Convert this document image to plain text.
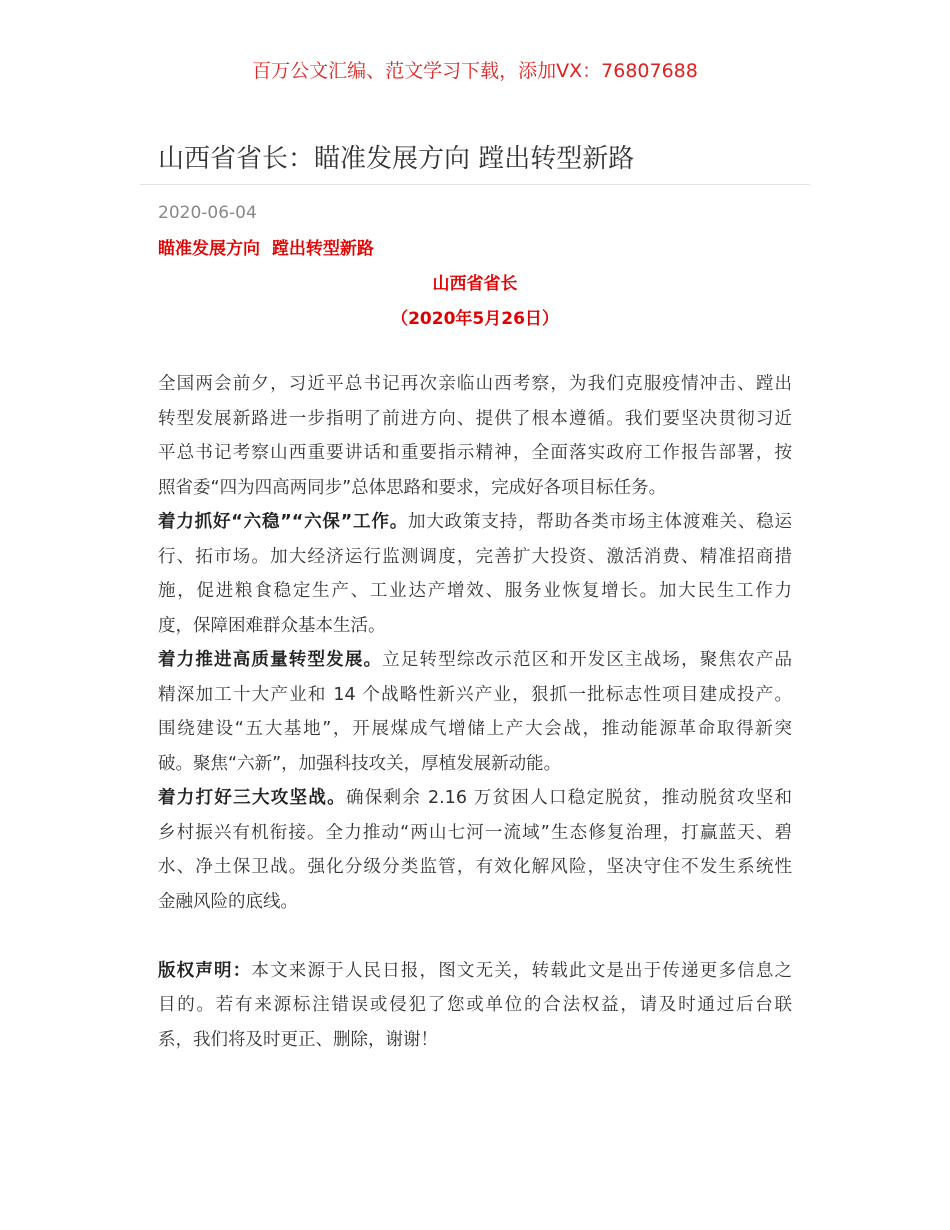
百万公文汇编、范文学习下载，添加VX：76807688
山西省省长：瞄准发展方向 蹚出转型新路
2020-06-04
瞄准发展方向  蹚出转型新路
山西省省长
（2020年5月26日）
全国两会前夕，习近平总书记再次亲临山西考察，为我们克服疫情冲击、蹚出
转型发展新路进一步指明了前进方向、提供了根本遵循。我们要坚决贯彻习近
平总书记考察山西重要讲话和重要指示精神，全面落实政府工作报告部署，按
照省委“四为四高两同步”总体思路和要求，完成好各项目标任务。
着力抓好“六稳”“六保”工作。加大政策支持，帮助各类市场主体渡难关、稳运
行、拓市场。加大经济运行监测调度，完善扩大投资、激活消费、精准招商措
施，促进粮食稳定生产、工业达产增效、服务业恢复增长。加大民生工作力
度，保障困难群众基本生活。
着力推进高质量转型发展。立足转型综改示范区和开发区主战场，聚焦农产品
精深加工十大产业和 14 个战略性新兴产业，狠抓一批标志性项目建成投产。
围绕建设“五大基地”，开展煤成气增储上产大会战，推动能源革命取得新突
破。聚焦“六新”，加强科技攻关，厚植发展新动能。
着力打好三大攻坚战。确保剩余 2.16 万贫困人口稳定脱贫，推动脱贫攻坚和
乡村振兴有机衔接。全力推动“两山七河一流域”生态修复治理，打赢蓝天、碧
水、净土保卫战。强化分级分类监管，有效化解风险，坚决守住不发生系统性
金融风险的底线。
版权声明：本文来源于人民日报，图文无关，转载此文是出于传递更多信息之
目的。若有来源标注错误或侵犯了您或单位的合法权益，请及时通过后台联
系，我们将及时更正、删除，谢谢！
